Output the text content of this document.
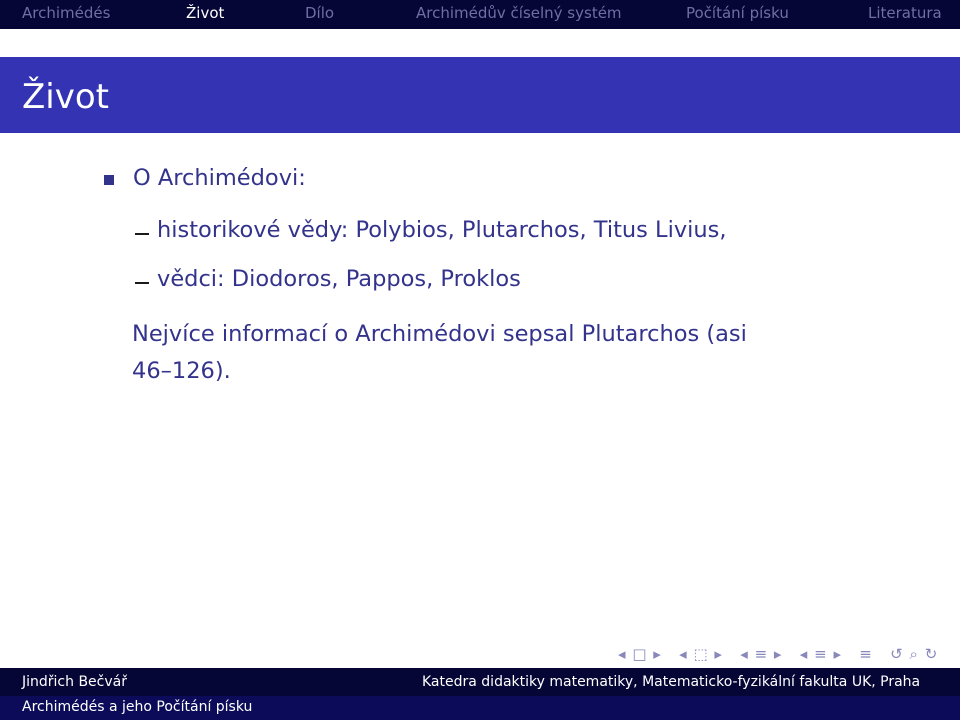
Archimédés	Život	Dílo	Archimédův číselný systém	Počítání písku	Literatura
Život
O Archimédovi:
historikové vědy: Polybios, Plutarchos, Titus Livius,
vědci: Diodoros, Pappos, Proklos
Nejvíce informací o Archimédovi sepsal Plutarchos (asi
46–126).
◂ □ ▸ ◂ ⬚ ▸ ◂ ≡ ▸ ◂ ≡ ▸ ≡ ↺ ⌕ ↻
Jindřich Bečvář	Katedra didaktiky matematiky, Matematicko-fyzikální fakulta UK, Praha
Archimédés a jeho Počítání písku
